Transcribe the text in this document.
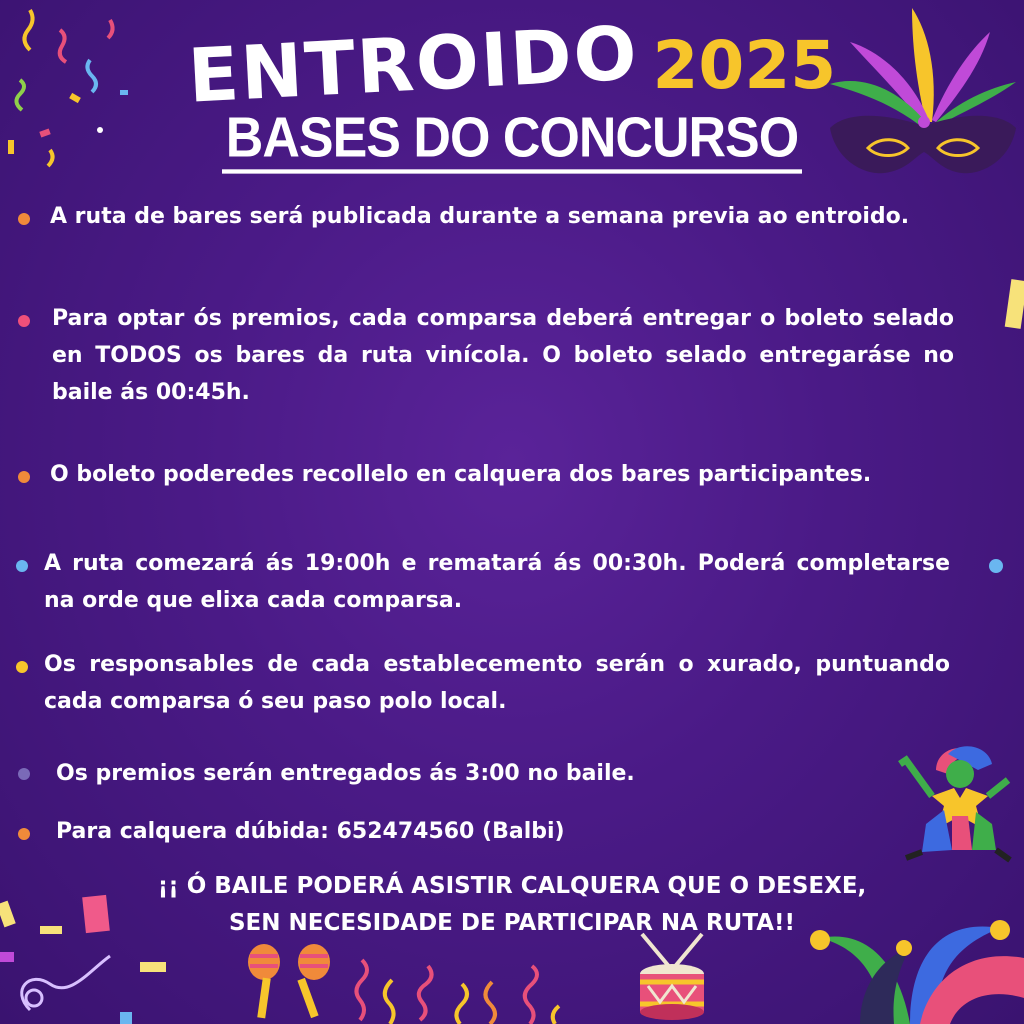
ENTROIDO 2025
BASES DO CONCURSO
A ruta de bares será publicada durante a semana previa ao entroido.
Para optar ós premios, cada comparsa deberá entregar o boleto selado en TODOS os bares da ruta vinícola. O boleto selado entregaráse no baile ás 00:45h.
O boleto poderedes recollelo en calquera dos bares participantes.
A ruta comezará ás 19:00h e rematará ás 00:30h. Poderá completarse na orde que elixa cada comparsa.
Os responsables de cada establecemento serán o xurado, puntuando cada comparsa ó seu paso polo local.
Os premios serán entregados ás 3:00 no baile.
Para calquera dúbida: 652474560 (Balbi)
¡¡ Ó BAILE PODERÁ ASISTIR CALQUERA QUE O DESEXE,
SEN NECESIDADE DE PARTICIPAR NA RUTA!!
